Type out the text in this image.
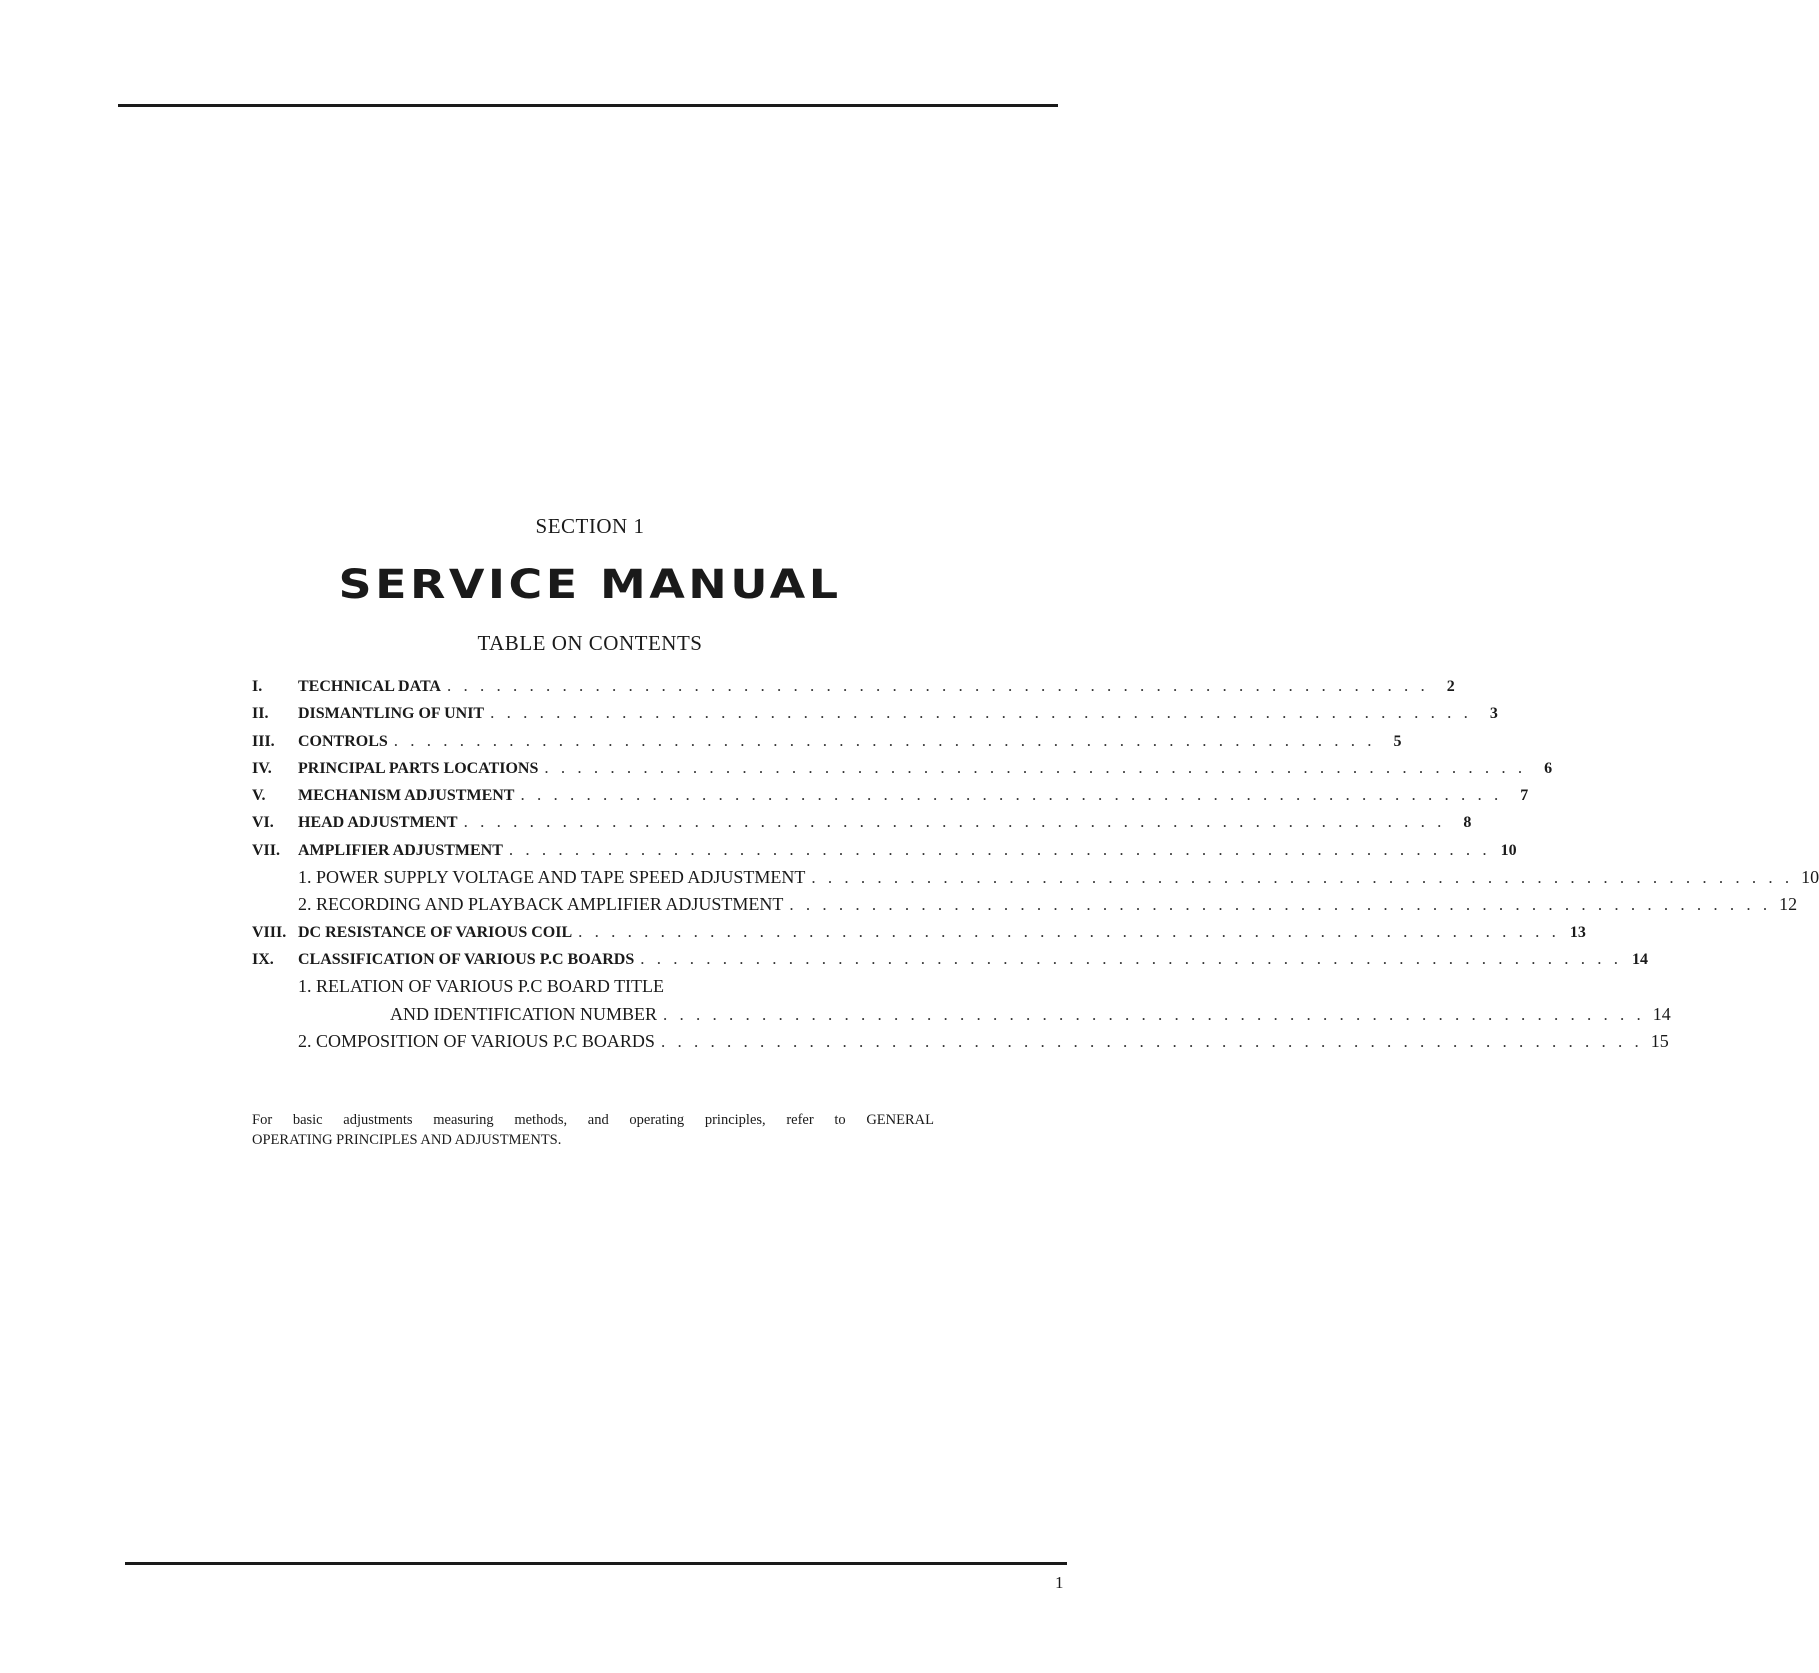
SECTION 1
SERVICE MANUAL
TABLE ON CONTENTS
I.	TECHNICAL DATA . . . . . . . . . . . . . . . . . . . . . . . . . . . . . . . . . . . . . . . . . . . . . . . . . . . . . . . . . . . .	2
II.	DISMANTLING OF UNIT . . . . . . . . . . . . . . . . . . . . . . . . . . . . . . . . . . . . . . . . . . . . . . . . . . . . . . . . . . . .	3
III.	CONTROLS . . . . . . . . . . . . . . . . . . . . . . . . . . . . . . . . . . . . . . . . . . . . . . . . . . . . . . . . . . . .	5
IV.	PRINCIPAL PARTS LOCATIONS . . . . . . . . . . . . . . . . . . . . . . . . . . . . . . . . . . . . . . . . . . . . . . . . . . . . . . . . . . . .	6
V.	MECHANISM ADJUSTMENT . . . . . . . . . . . . . . . . . . . . . . . . . . . . . . . . . . . . . . . . . . . . . . . . . . . . . . . . . . . .	7
VI.	HEAD ADJUSTMENT . . . . . . . . . . . . . . . . . . . . . . . . . . . . . . . . . . . . . . . . . . . . . . . . . . . . . . . . . . . .	8
VII.	AMPLIFIER ADJUSTMENT . . . . . . . . . . . . . . . . . . . . . . . . . . . . . . . . . . . . . . . . . . . . . . . . . . . . . . . . . . . . 10
1. POWER SUPPLY VOLTAGE AND TAPE SPEED ADJUSTMENT . . . . . . . . . . . . . . . . . . . . . . . . . . . . . . . . . . . . . . . . . . . . . . . . . . . . . . . . . . . . 10
2. RECORDING AND PLAYBACK AMPLIFIER ADJUSTMENT . . . . . . . . . . . . . . . . . . . . . . . . . . . . . . . . . . . . . . . . . . . . . . . . . . . . . . . . . . . . 12
VIII. DC RESISTANCE OF VARIOUS COIL . . . . . . . . . . . . . . . . . . . . . . . . . . . . . . . . . . . . . . . . . . . . . . . . . . . . . . . . . . . . 13
IX.	CLASSIFICATION OF VARIOUS P.C BOARDS . . . . . . . . . . . . . . . . . . . . . . . . . . . . . . . . . . . . . . . . . . . . . . . . . . . . . . . . . . . . 14
1. RELATION OF VARIOUS P.C BOARD TITLE
AND IDENTIFICATION NUMBER . . . . . . . . . . . . . . . . . . . . . . . . . . . . . . . . . . . . . . . . . . . . . . . . . . . . . . . . . . . . 14
2. COMPOSITION OF VARIOUS P.C BOARDS . . . . . . . . . . . . . . . . . . . . . . . . . . . . . . . . . . . . . . . . . . . . . . . . . . . . . . . . . . . . 15
For basic adjustments measuring methods, and operating principles, refer to GENERAL
OPERATING PRINCIPLES AND ADJUSTMENTS.
1
